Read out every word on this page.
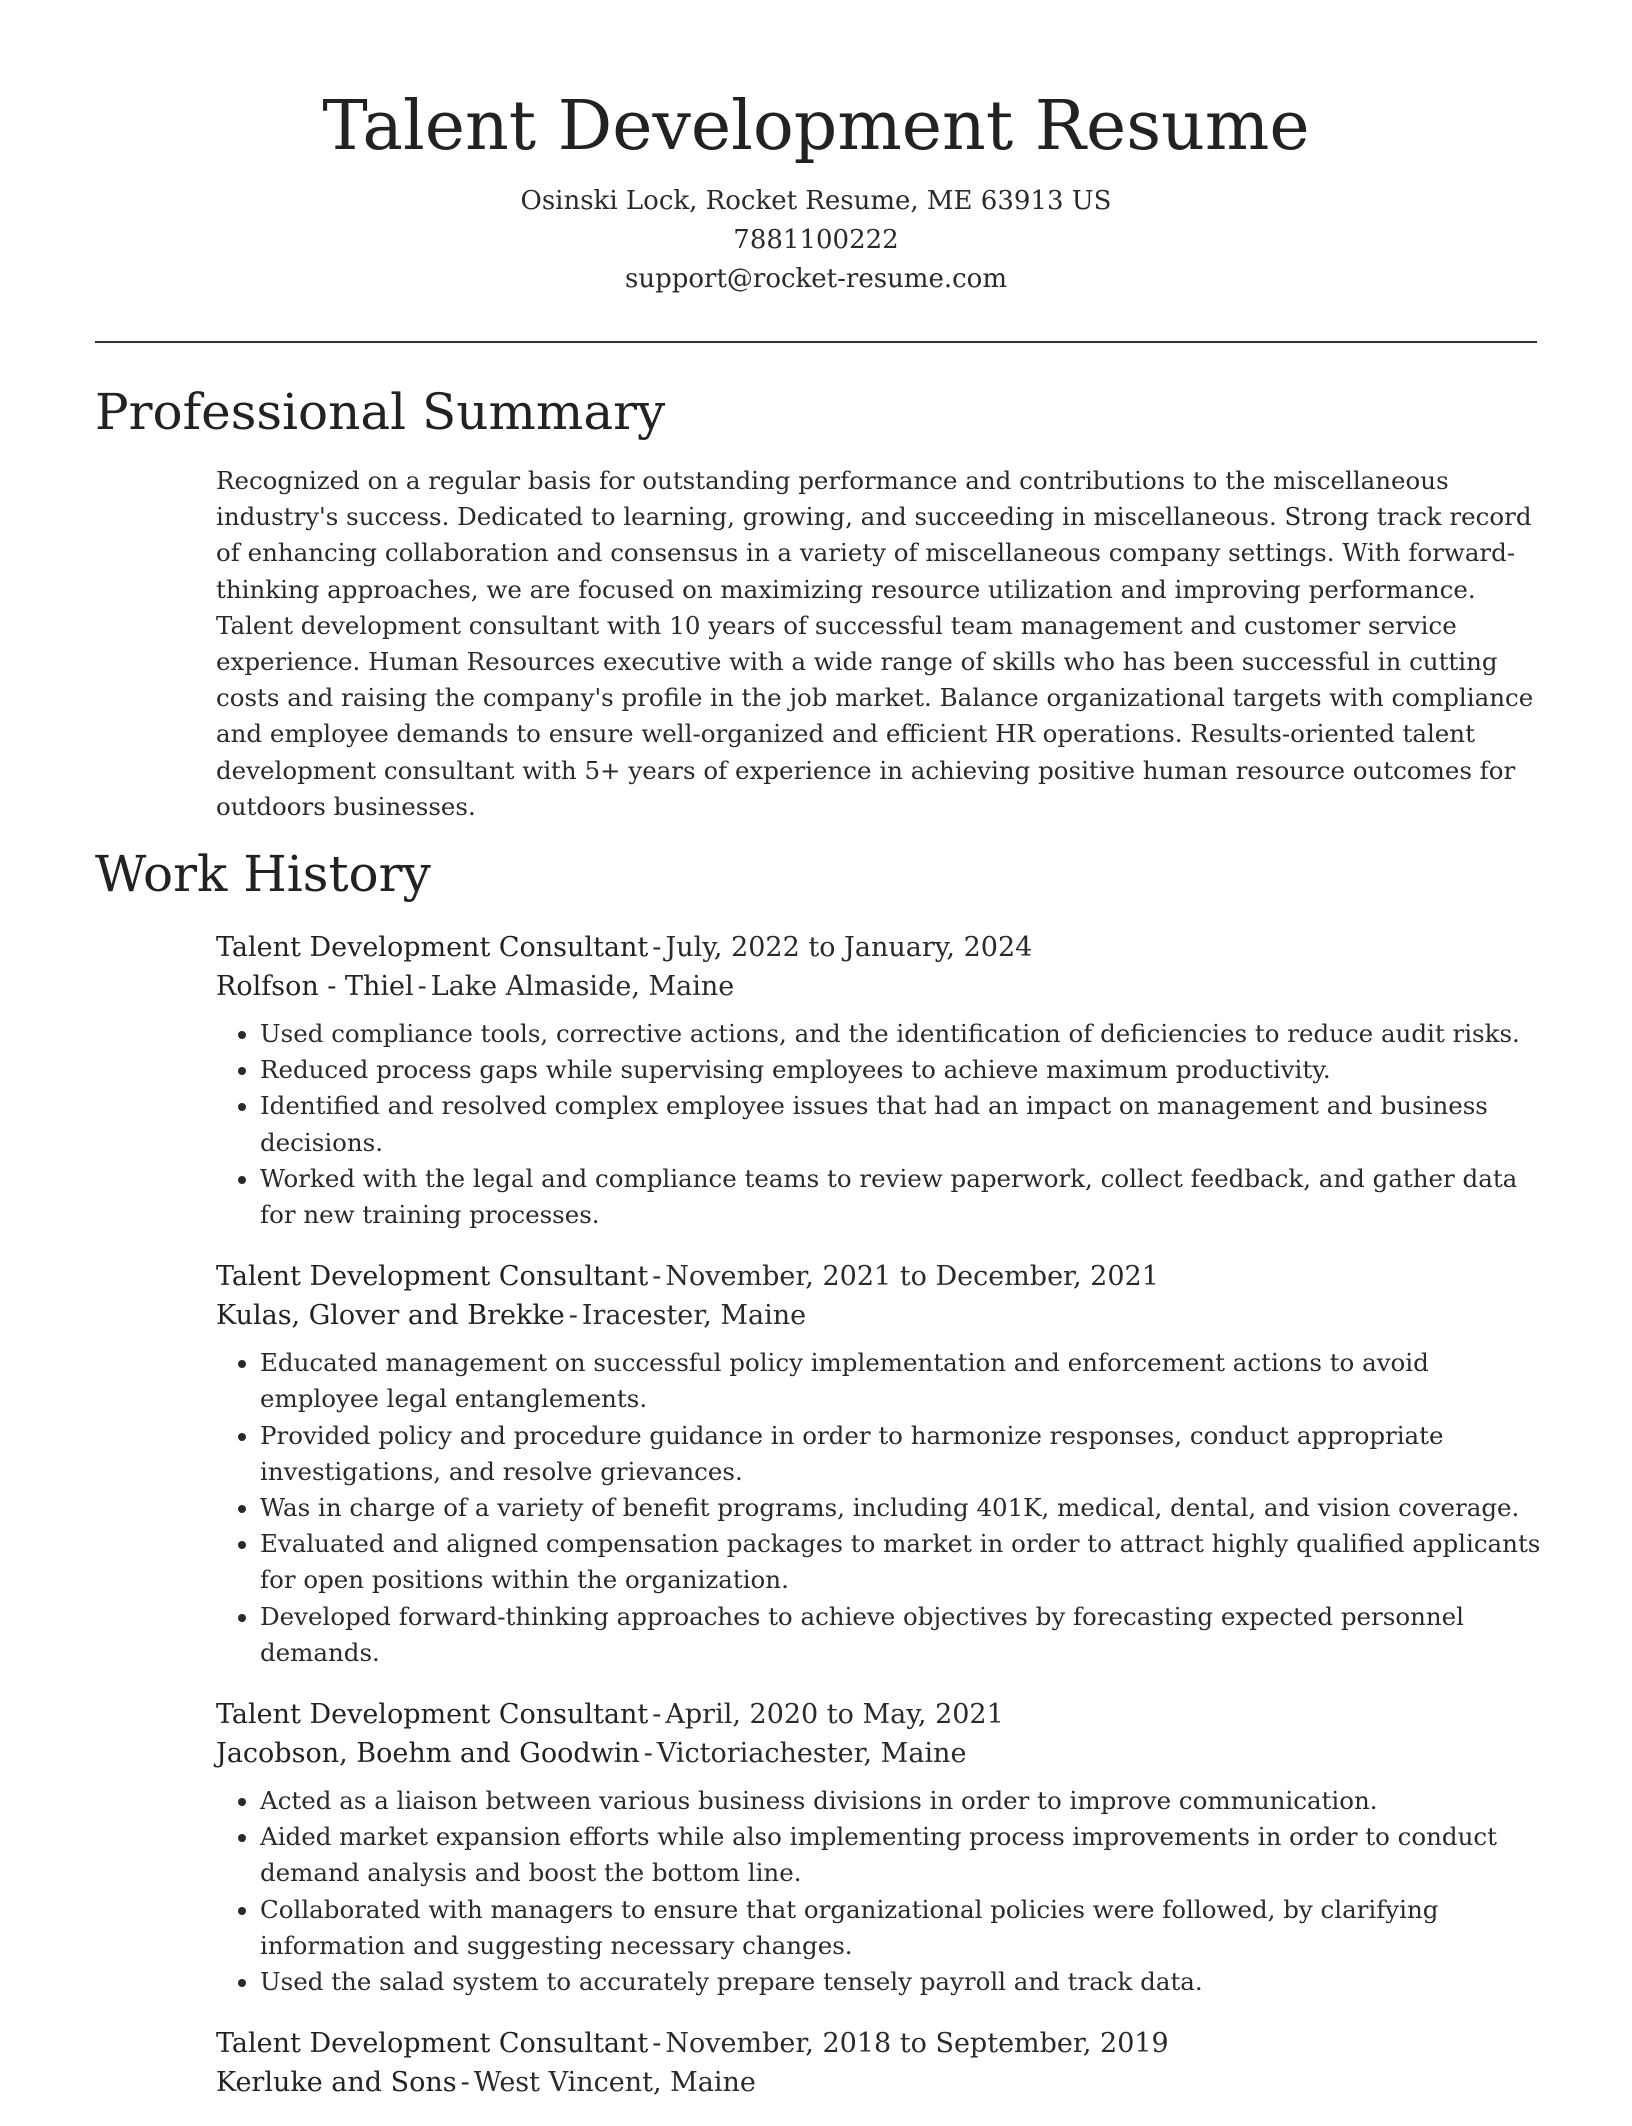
Talent Development Resume
Osinski Lock, Rocket Resume, ME 63913 US
7881100222
support@rocket-resume.com
Professional Summary

Recognized on a regular basis for outstanding performance and contributions to the miscellaneous industry's success. Dedicated to learning, growing, and succeeding in miscellaneous. Strong track record of enhancing collaboration and consensus in a variety of miscellaneous company settings. With forward-thinking approaches, we are focused on maximizing resource utilization and improving performance. Talent development consultant with 10 years of successful team management and customer service experience. Human Resources executive with a wide range of skills who has been successful in cutting costs and raising the company's profile in the job market. Balance organizational targets with compliance and employee demands to ensure well-organized and efficient HR operations. Results-oriented talent development consultant with 5+ years of experience in achieving positive human resource outcomes for outdoors businesses.

Work History
Talent Development Consultant - July, 2022 to January, 2024
Rolfson - Thiel - Lake Almaside, Maine
• Used compliance tools, corrective actions, and the identification of deficiencies to reduce audit risks.
• Reduced process gaps while supervising employees to achieve maximum productivity.
• Identified and resolved complex employee issues that had an impact on management and business decisions.
• Worked with the legal and compliance teams to review paperwork, collect feedback, and gather data for new training processes.
Talent Development Consultant - November, 2021 to December, 2021
Kulas, Glover and Brekke - Iracester, Maine
• Educated management on successful policy implementation and enforcement actions to avoid employee legal entanglements.
• Provided policy and procedure guidance in order to harmonize responses, conduct appropriate investigations, and resolve grievances.
• Was in charge of a variety of benefit programs, including 401K, medical, dental, and vision coverage.
• Evaluated and aligned compensation packages to market in order to attract highly qualified applicants for open positions within the organization.
• Developed forward-thinking approaches to achieve objectives by forecasting expected personnel demands.
Talent Development Consultant - April, 2020 to May, 2021
Jacobson, Boehm and Goodwin - Victoriachester, Maine
• Acted as a liaison between various business divisions in order to improve communication.
• Aided market expansion efforts while also implementing process improvements in order to conduct demand analysis and boost the bottom line.
• Collaborated with managers to ensure that organizational policies were followed, by clarifying information and suggesting necessary changes.
• Used the salad system to accurately prepare tensely payroll and track data.
Talent Development Consultant - November, 2018 to September, 2019
Kerluke and Sons - West Vincent, Maine
